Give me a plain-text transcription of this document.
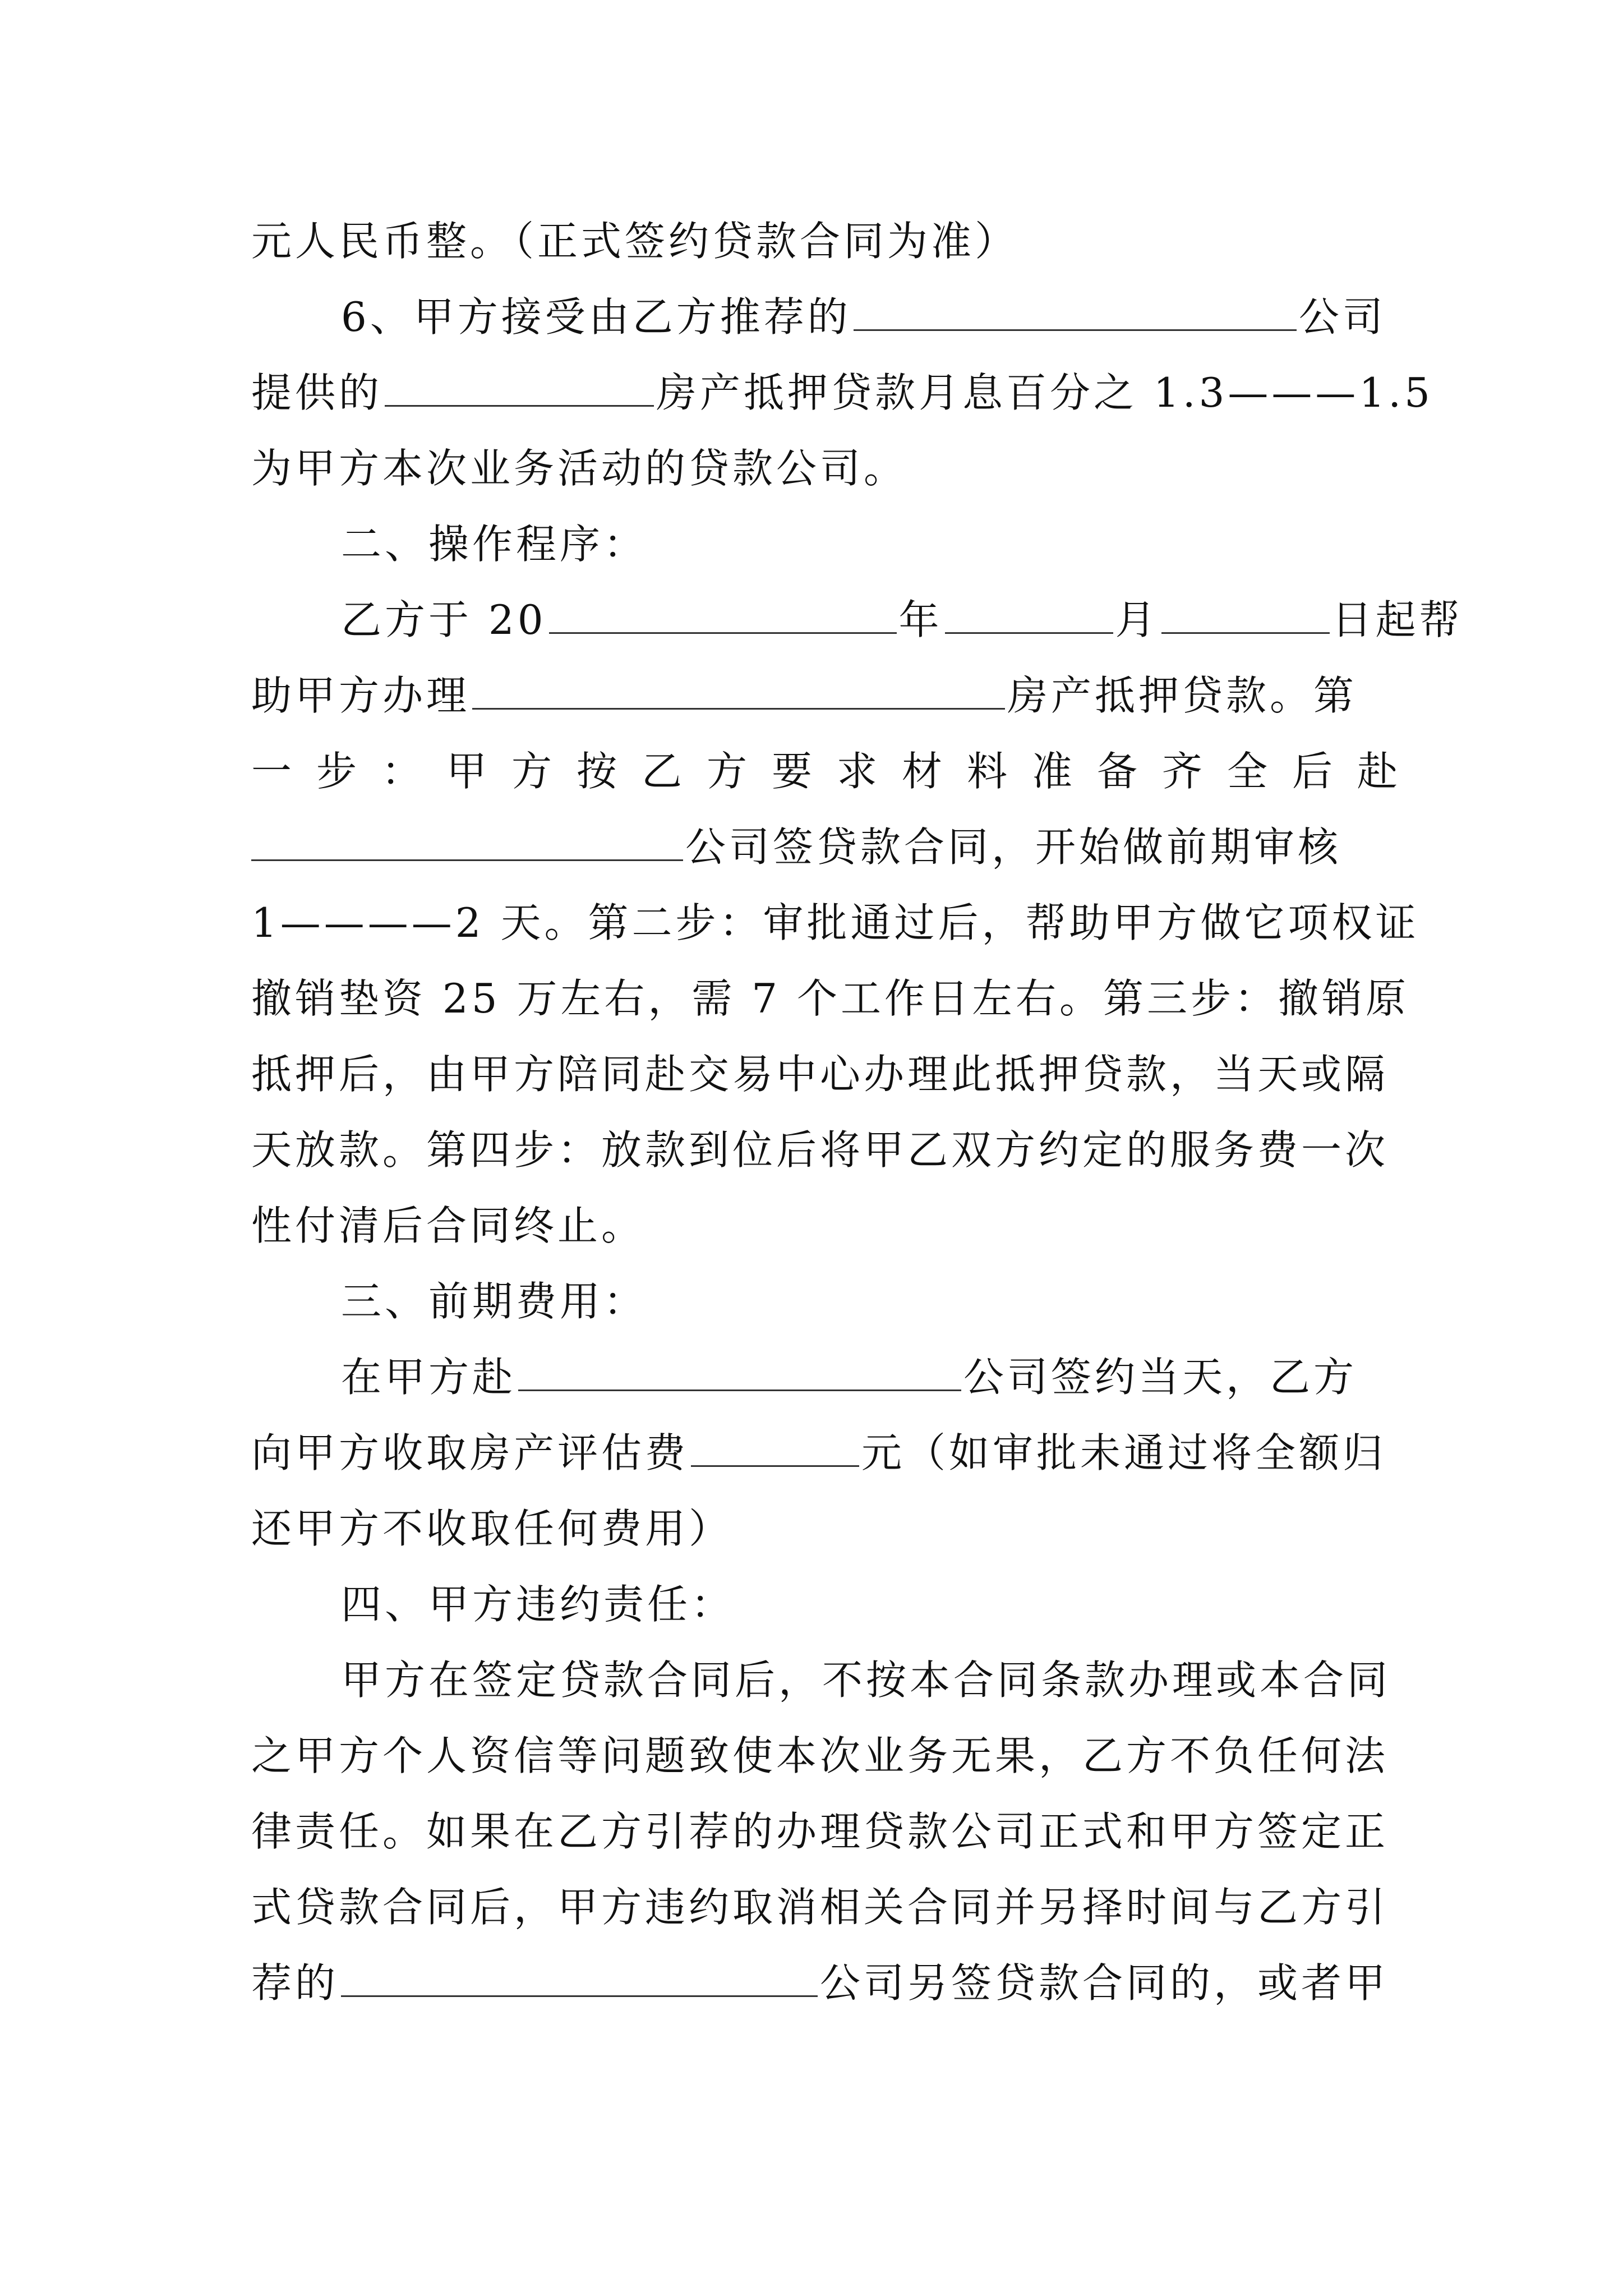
元人民币整。（正式签约贷款合同为准）
6、甲方接受由乙方推荐的	公司
提供的	房产抵押贷款月息百分之 1.3———1.5
为甲方本次业务活动的贷款公司。
二、操作程序：
乙方于 20	年	月	日起帮
助甲方办理	房产抵押贷款。第
一步：甲方按乙方要求材料准备齐全后赴
公司签贷款合同，开始做前期审核
1————2 天。第二步：审批通过后，帮助甲方做它项权证
撤销垫资 25 万左右，需 7 个工作日左右。第三步：撤销原
抵押后，由甲方陪同赴交易中心办理此抵押贷款，当天或隔
天放款。第四步：放款到位后将甲乙双方约定的服务费一次
性付清后合同终止。
三、前期费用：
在甲方赴	公司签约当天，乙方
向甲方收取房产评估费	元（如审批未通过将全额归
还甲方不收取任何费用）
四、甲方违约责任：
甲方在签定贷款合同后，不按本合同条款办理或本合同
之甲方个人资信等问题致使本次业务无果，乙方不负任何法
律责任。如果在乙方引荐的办理贷款公司正式和甲方签定正
式贷款合同后，甲方违约取消相关合同并另择时间与乙方引
荐的	公司另签贷款合同的，或者甲
